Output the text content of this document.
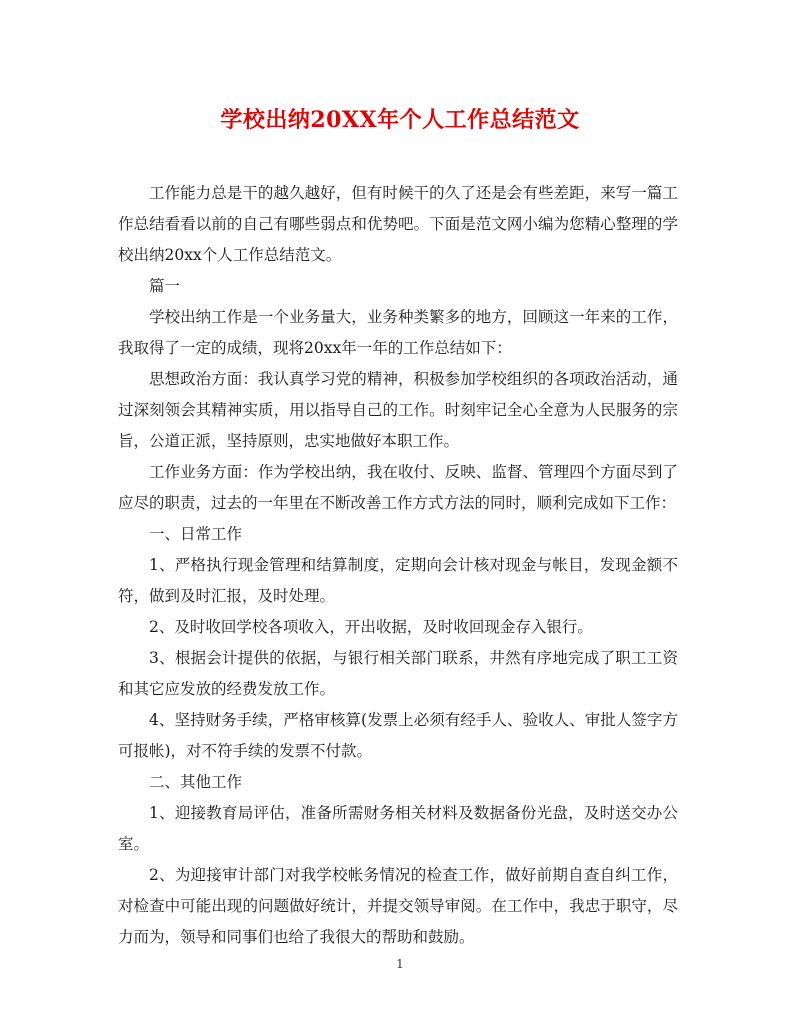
学校出纳20XX年个人工作总结范文

工作能力总是干的越久越好，但有时候干的久了还是会有些差距，来写一篇工作总结看看以前的自己有哪些弱点和优势吧。下面是范文网小编为您精心整理的学校出纳20xx个人工作总结范文。

篇一

学校出纳工作是一个业务量大，业务种类繁多的地方，回顾这一年来的工作，我取得了一定的成绩，现将20xx年一年的工作总结如下：

思想政治方面：我认真学习党的精神，积极参加学校组织的各项政治活动，通过深刻领会其精神实质，用以指导自己的工作。时刻牢记全心全意为人民服务的宗旨，公道正派，坚持原则，忠实地做好本职工作。

工作业务方面：作为学校出纳，我在收付、反映、监督、管理四个方面尽到了应尽的职责，过去的一年里在不断改善工作方式方法的同时，顺利完成如下工作：

一、日常工作

1、严格执行现金管理和结算制度，定期向会计核对现金与帐目，发现金额不符，做到及时汇报，及时处理。

2、及时收回学校各项收入，开出收据，及时收回现金存入银行。

3、根据会计提供的依据，与银行相关部门联系，井然有序地完成了职工工资和其它应发放的经费发放工作。

4、坚持财务手续，严格审核算(发票上必须有经手人、验收人、审批人签字方可报帐)，对不符手续的发票不付款。

二、其他工作

1、迎接教育局评估，准备所需财务相关材料及数据备份光盘，及时送交办公室。

2、为迎接审计部门对我学校帐务情况的检查工作，做好前期自查自纠工作，对检查中可能出现的问题做好统计，并提交领导审阅。在工作中，我忠于职守，尽力而为，领导和同事们也给了我很大的帮助和鼓励。

1
